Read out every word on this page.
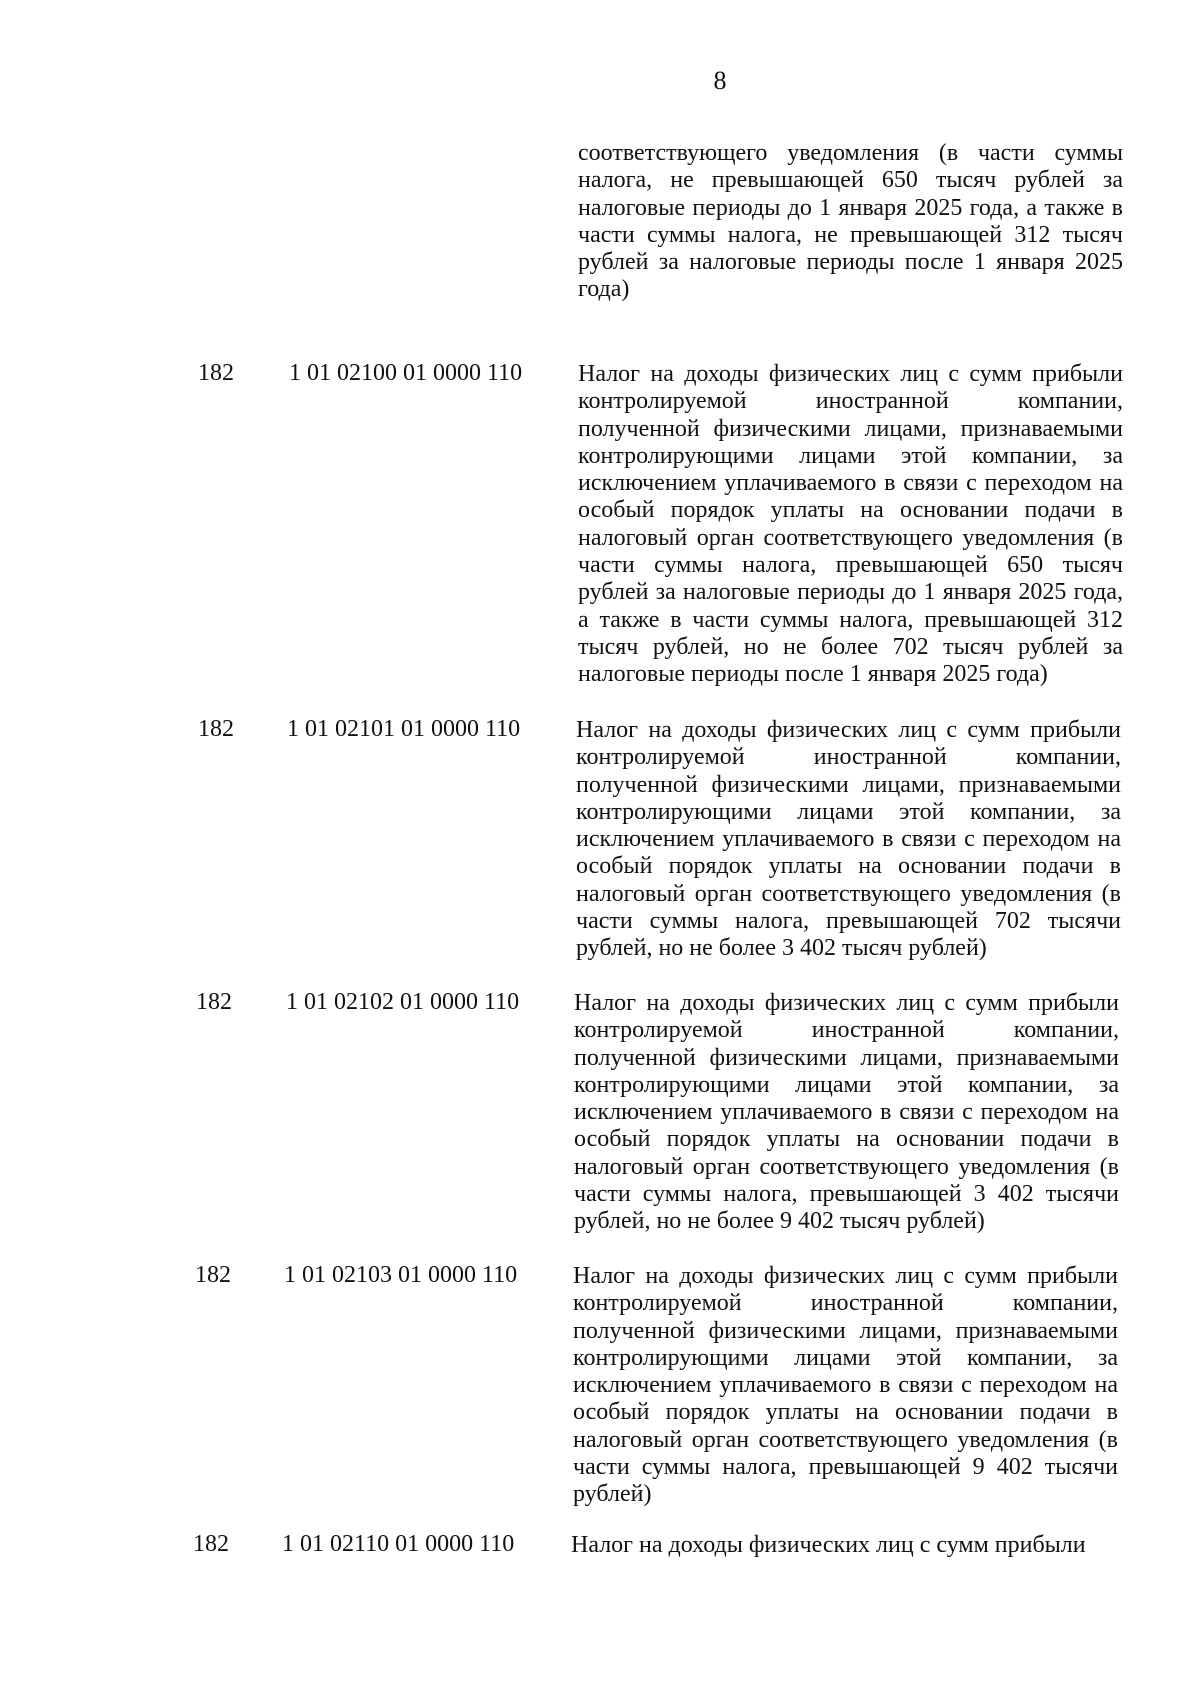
8
соответствующего уведомления (в части суммы налога, не превышающей 650 тысяч рублей за налоговые периоды до 1 января 2025 года, а также в части суммы налога, не превышающей 312 тысяч рублей за налоговые периоды после 1 января 2025 года)
182 1 01 02100 01 0000 110 Налог на доходы физических лиц с сумм прибыли контролируемой иностранной компании, полученной физическими лицами, признаваемыми контролирующими лицами этой компании, за исключением уплачиваемого в связи с переходом на особый порядок уплаты на основании подачи в налоговый орган соответствующего уведомления (в части суммы налога, превышающей 650 тысяч рублей за налоговые периоды до 1 января 2025 года, а также в части суммы налога, превышающей 312 тысяч рублей, но не более 702 тысяч рублей за налоговые периоды после 1 января 2025 года)
182 1 01 02101 01 0000 110 Налог на доходы физических лиц с сумм прибыли контролируемой иностранной компании, полученной физическими лицами, признаваемыми контролирующими лицами этой компании, за исключением уплачиваемого в связи с переходом на особый порядок уплаты на основании подачи в налоговый орган соответствующего уведомления (в части суммы налога, превышающей 702 тысячи рублей, но не более 3 402 тысяч рублей)
182 1 01 02102 01 0000 110 Налог на доходы физических лиц с сумм прибыли контролируемой иностранной компании, полученной физическими лицами, признаваемыми контролирующими лицами этой компании, за исключением уплачиваемого в связи с переходом на особый порядок уплаты на основании подачи в налоговый орган соответствующего уведомления (в части суммы налога, превышающей 3 402 тысячи рублей, но не более 9 402 тысяч рублей)
182 1 01 02103 01 0000 110 Налог на доходы физических лиц с сумм прибыли контролируемой иностранной компании, полученной физическими лицами, признаваемыми контролирующими лицами этой компании, за исключением уплачиваемого в связи с переходом на особый порядок уплаты на основании подачи в налоговый орган соответствующего уведомления (в части суммы налога, превышающей 9 402 тысячи рублей)
182 1 01 02110 01 0000 110 Налог на доходы физических лиц с сумм прибыли
